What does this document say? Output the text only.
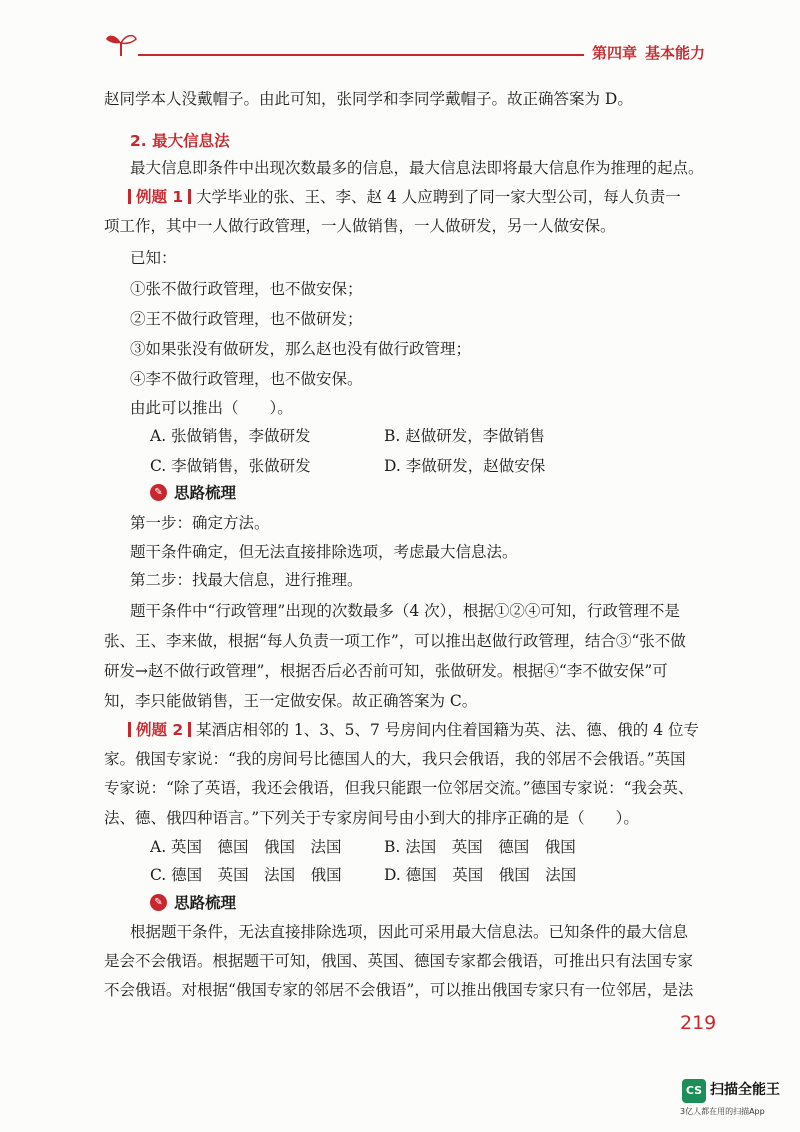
第四章 基本能力
赵同学本人没戴帽子。由此可知，张同学和李同学戴帽子。故正确答案为 D。
2. 最大信息法
最大信息即条件中出现次数最多的信息，最大信息法即将最大信息作为推理的起点。
例题 1 大学毕业的张、王、李、赵 4 人应聘到了同一家大型公司，每人负责一
项工作，其中一人做行政管理，一人做销售，一人做研发，另一人做安保。
已知：
①张不做行政管理，也不做安保；
②王不做行政管理，也不做研发；
③如果张没有做研发，那么赵也没有做行政管理；
④李不做行政管理，也不做安保。
由此可以推出（　　）。
A. 张做销售，李做研发	B. 赵做研发，李做销售
C. 李做销售，张做研发	D. 李做研发，赵做安保
✎ 思路梳理
第一步：确定方法。
题干条件确定，但无法直接排除选项，考虑最大信息法。
第二步：找最大信息，进行推理。
题干条件中“行政管理”出现的次数最多（4 次），根据①②④可知，行政管理不是
张、王、李来做，根据“每人负责一项工作”，可以推出赵做行政管理，结合③“张不做
研发→赵不做行政管理”，根据否后必否前可知，张做研发。根据④“李不做安保”可
知，李只能做销售，王一定做安保。故正确答案为 C。
例题 2 某酒店相邻的 1、3、5、7 号房间内住着国籍为英、法、德、俄的 4 位专
家。俄国专家说：“我的房间号比德国人的大，我只会俄语，我的邻居不会俄语。”英国
专家说：“除了英语，我还会俄语，但我只能跟一位邻居交流。”德国专家说：“我会英、
法、德、俄四种语言。”下列关于专家房间号由小到大的排序正确的是（　　）。
A. 英国　德国　俄国　法国	B. 法国　英国　德国　俄国
C. 德国　英国　法国　俄国	D. 德国　英国　俄国　法国
✎ 思路梳理
根据题干条件，无法直接排除选项，因此可采用最大信息法。已知条件的最大信息
是会不会俄语。根据题干可知，俄国、英国、德国专家都会俄语，可推出只有法国专家
不会俄语。对根据“俄国专家的邻居不会俄语”，可以推出俄国专家只有一位邻居，是法
219
CS 扫描全能王
3亿人都在用的扫描App
